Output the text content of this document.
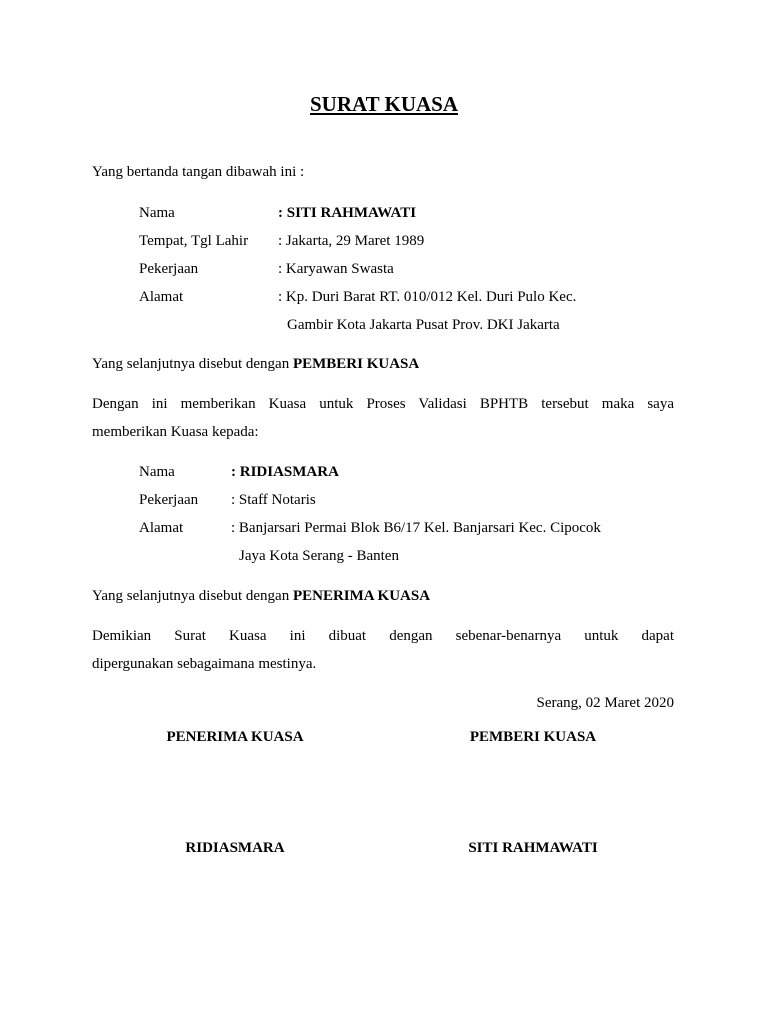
SURAT KUASA
Yang bertanda tangan dibawah ini :
Nama	: SITI RAHMAWATI
Tempat, Tgl Lahir : Jakarta, 29 Maret 1989
Pekerjaan	: Karyawan Swasta
Alamat	: Kp. Duri Barat RT. 010/012 Kel. Duri Pulo Kec.
Gambir Kota Jakarta Pusat Prov. DKI Jakarta
Yang selanjutnya disebut dengan PEMBERI KUASA
Dengan ini memberikan Kuasa untuk Proses Validasi BPHTB tersebut maka saya
memberikan Kuasa kepada:
Nama	: RIDIASMARA
Pekerjaan : Staff Notaris
Alamat	: Banjarsari Permai Blok B6/17 Kel. Banjarsari Kec. Cipocok
Jaya Kota Serang - Banten
Yang selanjutnya disebut dengan PENERIMA KUASA
Demikian Surat Kuasa ini dibuat dengan sebenar-benarnya untuk dapat
dipergunakan sebagaimana mestinya.
Serang, 02 Maret 2020
PENERIMA KUASA	PEMBERI KUASA
RIDIASMARA	SITI RAHMAWATI
